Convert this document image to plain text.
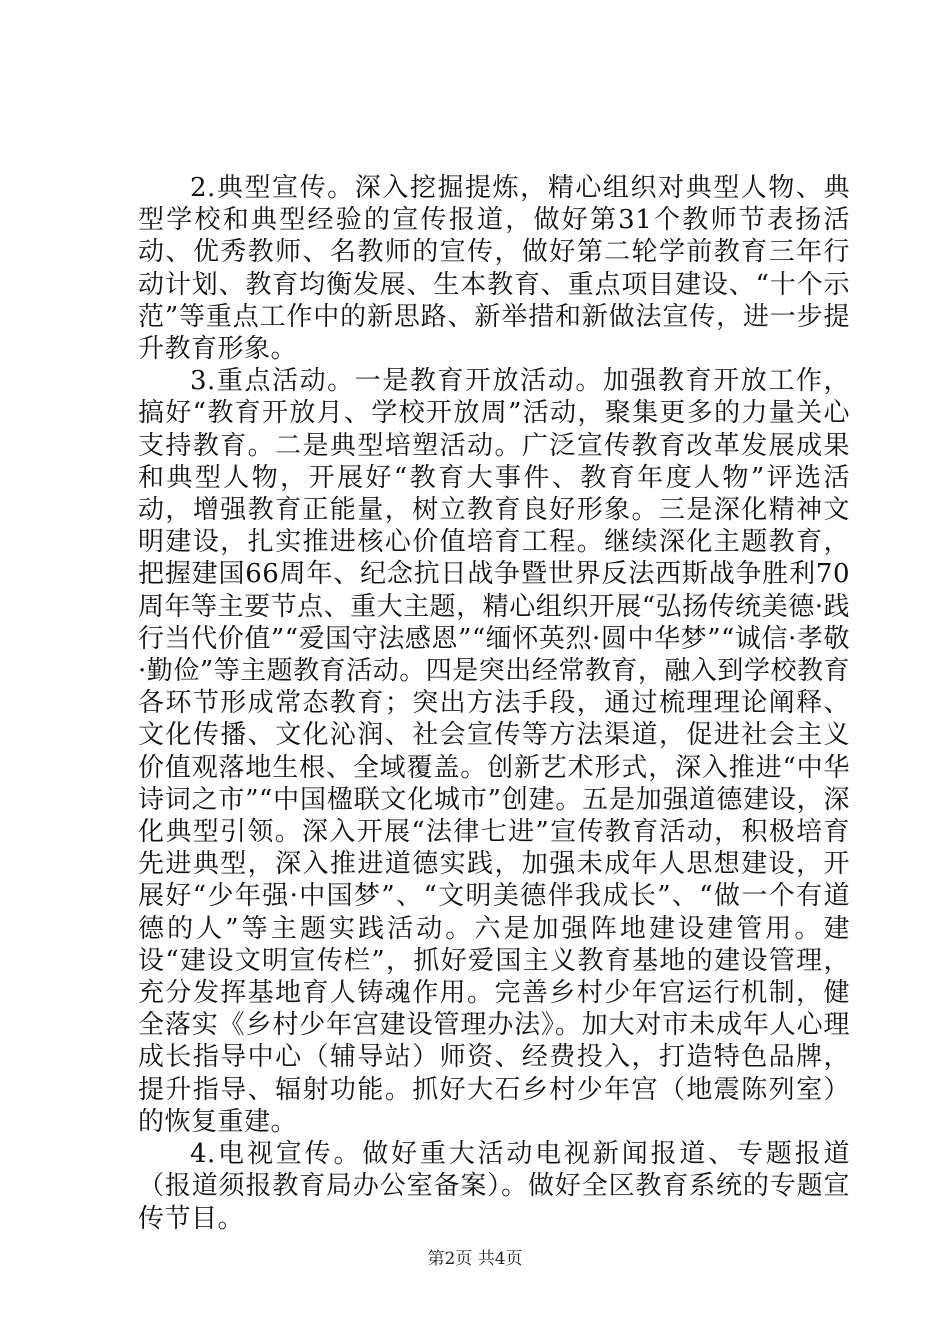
2.典型宣传。深入挖掘提炼，精心组织对典型人物、典型学校和典型经验的宣传报道，做好第31个教师节表扬活动、优秀教师、名教师的宣传，做好第二轮学前教育三年行动计划、教育均衡发展、生本教育、重点项目建设、“十个示范”等重点工作中的新思路、新举措和新做法宣传，进一步提升教育形象。

3.重点活动。一是教育开放活动。加强教育开放工作，搞好“教育开放月、学校开放周”活动，聚集更多的力量关心支持教育。二是典型培塑活动。广泛宣传教育改革发展成果和典型人物，开展好“教育大事件、教育年度人物”评选活动，增强教育正能量，树立教育良好形象。三是深化精神文明建设，扎实推进核心价值培育工程。继续深化主题教育，把握建国66周年、纪念抗日战争暨世界反法西斯战争胜利70周年等主要节点、重大主题，精心组织开展“弘扬传统美德·践行当代价值”“爱国守法感恩”“缅怀英烈·圆中华梦”“诚信·孝敬·勤俭”等主题教育活动。四是突出经常教育，融入到学校教育各环节形成常态教育；突出方法手段，通过梳理理论阐释、文化传播、文化沁润、社会宣传等方法渠道，促进社会主义价值观落地生根、全域覆盖。创新艺术形式，深入推进“中华诗词之市”“中国楹联文化城市”创建。五是加强道德建设，深化典型引领。深入开展“法律七进”宣传教育活动，积极培育先进典型，深入推进道德实践，加强未成年人思想建设，开展好“少年强·中国梦”、“文明美德伴我成长”、“做一个有道德的人”等主题实践活动。六是加强阵地建设建管用。建设“建设文明宣传栏”，抓好爱国主义教育基地的建设管理，充分发挥基地育人铸魂作用。完善乡村少年宫运行机制，健全落实《乡村少年宫建设管理办法》。加大对市未成年人心理成长指导中心（辅导站）师资、经费投入，打造特色品牌，提升指导、辐射功能。抓好大石乡村少年宫（地震陈列室）的恢复重建。

4.电视宣传。做好重大活动电视新闻报道、专题报道（报道须报教育局办公室备案）。做好全区教育系统的专题宣传节目。

第2页 共4页
